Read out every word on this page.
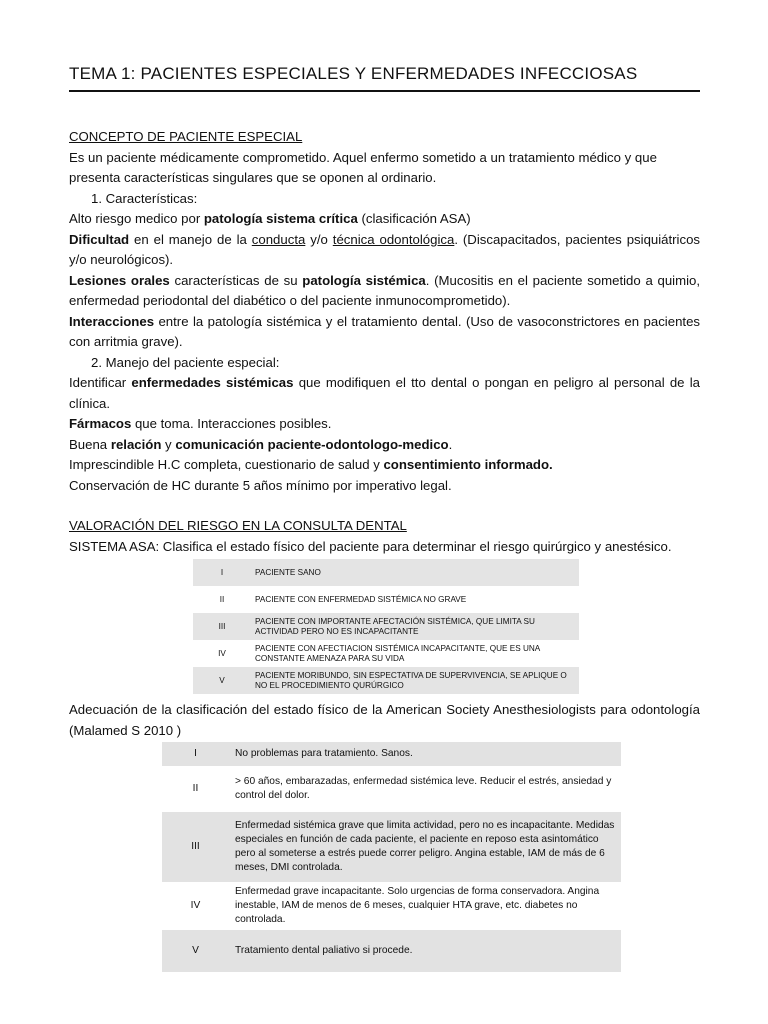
TEMA 1: PACIENTES ESPECIALES Y ENFERMEDADES INFECCIOSAS
CONCEPTO DE PACIENTE ESPECIAL
Es un paciente médicamente comprometido. Aquel enfermo sometido a un tratamiento médico y que presenta características singulares que se oponen al ordinario.
1. Características:
Alto riesgo medico por patología sistema crítica (clasificación ASA)
Dificultad en el manejo de la conducta y/o técnica odontológica. (Discapacitados, pacientes psiquiátricos y/o neurológicos).
Lesiones orales características de su patología sistémica. (Mucositis en el paciente sometido a quimio, enfermedad periodontal del diabético o del paciente inmunocomprometido).
Interacciones entre la patología sistémica y el tratamiento dental. (Uso de vasoconstrictores en pacientes con arritmia grave).
2. Manejo del paciente especial:
Identificar enfermedades sistémicas que modifiquen el tto dental o pongan en peligro al personal de la clínica.
Fármacos que toma. Interacciones posibles.
Buena relación y comunicación paciente-odontologo-medico.
Imprescindible H.C completa, cuestionario de salud y consentimiento informado.
Conservación de HC durante 5 años mínimo por imperativo legal.
VALORACIÓN DEL RIESGO EN LA CONSULTA DENTAL
SISTEMA ASA: Clasifica el estado físico del paciente para determinar el riesgo quirúrgico y anestésico.
I	PACIENTE SANO
II	PACIENTE CON ENFERMEDAD SISTÉMICA NO GRAVE
III	PACIENTE CON IMPORTANTE AFECTACIÓN SISTÉMICA, QUE LIMITA SU ACTIVIDAD PERO NO ES INCAPACITANTE
IV	PACIENTE CON AFECTIACION SISTÉMICA INCAPACITANTE, QUE ES UNA CONSTANTE AMENAZA PARA SU VIDA
V	PACIENTE MORIBUNDO, SIN ESPECTATIVA DE SUPERVIVENCIA, SE APLIQUE O NO EL PROCEDIMIENTO QURÚRGICO
Adecuación de la clasificación del estado físico de la American Society Anesthesiologists para odontología (Malamed S 2010 )
I	No problemas para tratamiento. Sanos.
II	> 60 años, embarazadas, enfermedad sistémica leve. Reducir el estrés, ansiedad y control del dolor.
III	Enfermedad sistémica grave que limita actividad, pero no es incapacitante. Medidas especiales en función de cada paciente, el paciente en reposo esta asintomático pero al someterse a estrés puede correr peligro. Angina estable, IAM de más de 6 meses, DMI controlada.
IV	Enfermedad grave incapacitante. Solo urgencias de forma conservadora. Angina inestable, IAM de menos de 6 meses, cualquier HTA grave, etc. diabetes no controlada.
V	Tratamiento dental paliativo si procede.
